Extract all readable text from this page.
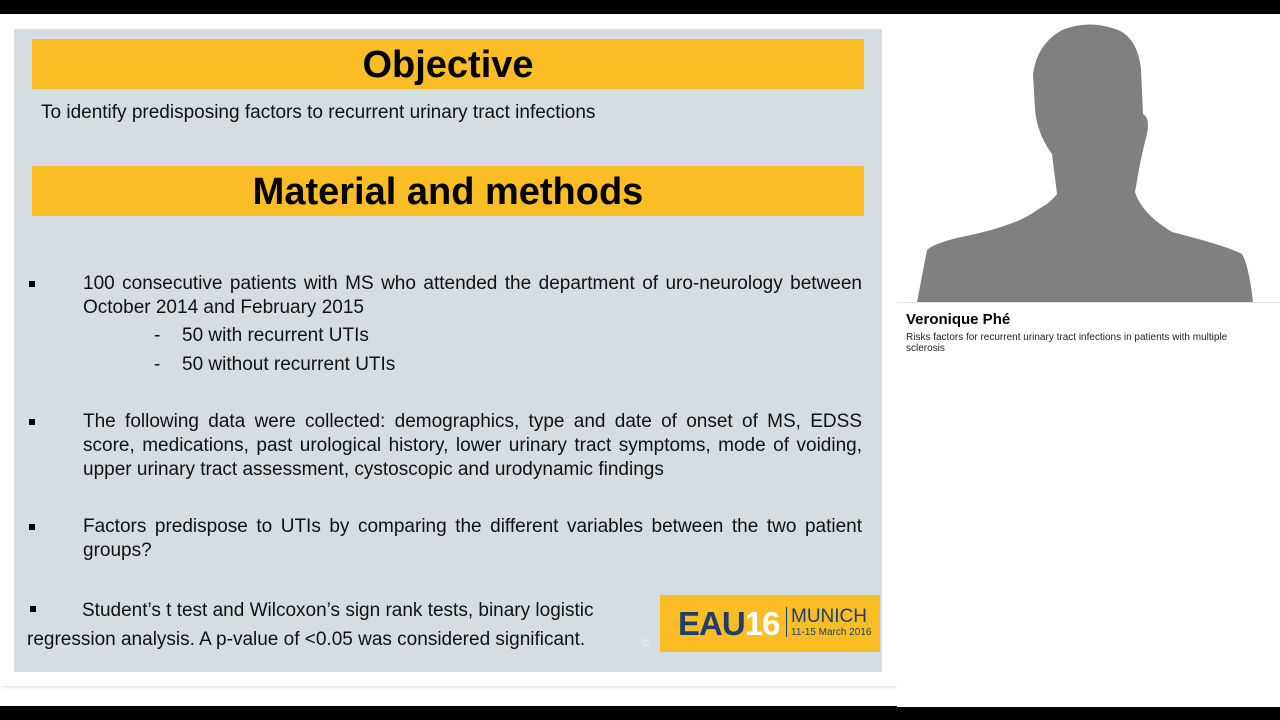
Objective
To identify predisposing factors to recurrent urinary tract infections
Material and methods
100 consecutive patients with MS who attended the department of uro-neurology between October 2014 and February 2015
- 50 with recurrent UTIs
- 50 without recurrent UTIs
The following data were collected: demographics, type and date of onset of MS, EDSS score, medications, past urological history, lower urinary tract symptoms, mode of voiding, upper urinary tract assessment, cystoscopic and urodynamic findings
Factors predispose to UTIs by comparing the different variables between the two patient groups?
Student’s t test and Wilcoxon’s sign rank tests, binary logistic regression analysis. A p-value of <0.05 was considered significant.	©
EAU16 MUNICH
11-15 March 2016
Veronique Phé
Risks factors for recurrent urinary tract infections in patients with multiple sclerosis
